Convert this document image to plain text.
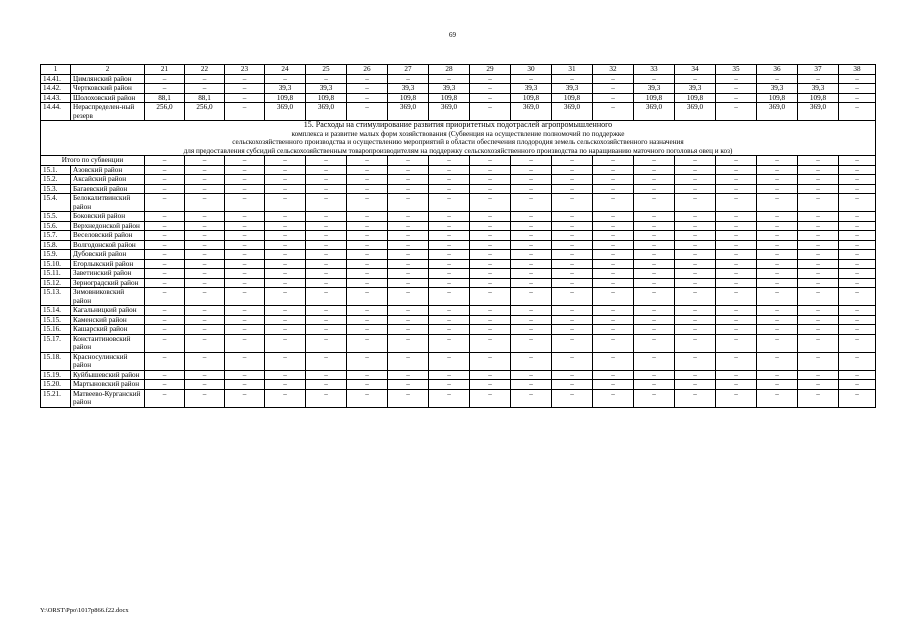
69
1	2	21	22	23	24	25	26	27	28	29	30	31	32	33	34	35	36	37	38
14.41.	Цимлянский район	–	–	–	–	–	–	–	–	–	–	–	–	–	–	–	–	–	–
14.42.	Чертковский район	–	–	–	39,3	39,3	–	39,3	39,3	–	39,3	39,3	–	39,3	39,3	–	39,3	39,3	–
14.43.	Шолоховский район	88,1	88,1	–	109,8	109,8	–	109,8	109,8	–	109,8	109,8	–	109,8	109,8	–	109,8	109,8	–
14.44.	Нераспределен-ный резерв	256,0	256,0	–	369,0	369,0	–	369,0	369,0	–	369,0	369,0	–	369,0	369,0	–	369,0	369,0	–

15. Расходы на стимулирование развития приоритетных подотраслей агропромышленного
комплекса и развитие малых форм хозяйствования (Субвенция на осуществление полномочий по поддержке
сельскохозяйственного производства и осуществлению мероприятий в области обеспечения плодородия земель сельскохозяйственного назначения
для предоставления субсидий сельскохозяйственным товаропроизводителям на поддержку сельскохозяйственного производства по наращиванию маточного поголовья овец и коз)																			

Итого по субвенции		–	–	–	–	–	–	–	–	–	–	–	–	–	–	–	–	–	–
15.1.	Азовский район	–	–	–	–	–	–	–	–	–	–	–	–	–	–	–	–	–	–
15.2.	Аксайский район	–	–	–	–	–	–	–	–	–	–	–	–	–	–	–	–	–	–
15.3.	Багаевский район	–	–	–	–	–	–	–	–	–	–	–	–	–	–	–	–	–	–
15.4.	Белокалитвинский район	–	–	–	–	–	–	–	–	–	–	–	–	–	–	–	–	–	–
15.5.	Боковский район	–	–	–	–	–	–	–	–	–	–	–	–	–	–	–	–	–	–
15.6.	Верхнедонской район	–	–	–	–	–	–	–	–	–	–	–	–	–	–	–	–	–	–
15.7.	Веселовский район	–	–	–	–	–	–	–	–	–	–	–	–	–	–	–	–	–	–
15.8.	Волгодонской район	–	–	–	–	–	–	–	–	–	–	–	–	–	–	–	–	–	–
15.9.	Дубовский район	–	–	–	–	–	–	–	–	–	–	–	–	–	–	–	–	–	–
15.10.	Егорлыкский район	–	–	–	–	–	–	–	–	–	–	–	–	–	–	–	–	–	–
15.11.	Заветинский район	–	–	–	–	–	–	–	–	–	–	–	–	–	–	–	–	–	–
15.12.	Зерноградский район	–	–	–	–	–	–	–	–	–	–	–	–	–	–	–	–	–	–
15.13.	Зимовниковский район	–	–	–	–	–	–	–	–	–	–	–	–	–	–	–	–	–	–
15.14.	Кагальницкий район	–	–	–	–	–	–	–	–	–	–	–	–	–	–	–	–	–	–
15.15.	Каменский район	–	–	–	–	–	–	–	–	–	–	–	–	–	–	–	–	–	–
15.16.	Кашарский район	–	–	–	–	–	–	–	–	–	–	–	–	–	–	–	–	–	–
15.17.	Константиновский район	–	–	–	–	–	–	–	–	–	–	–	–	–	–	–	–	–	–
15.18.	Красносулинский район	–	–	–	–	–	–	–	–	–	–	–	–	–	–	–	–	–	–
15.19.	Куйбышевский район	–	–	–	–	–	–	–	–	–	–	–	–	–	–	–	–	–	–
15.20.	Мартыновский район	–	–	–	–	–	–	–	–	–	–	–	–	–	–	–	–	–	–
15.21.	Матвеево-Курганский район	–	–	–	–	–	–	–	–	–	–	–	–	–	–	–	–	–	–
Y:\ORST\Ppo\1017p866.f22.docx
